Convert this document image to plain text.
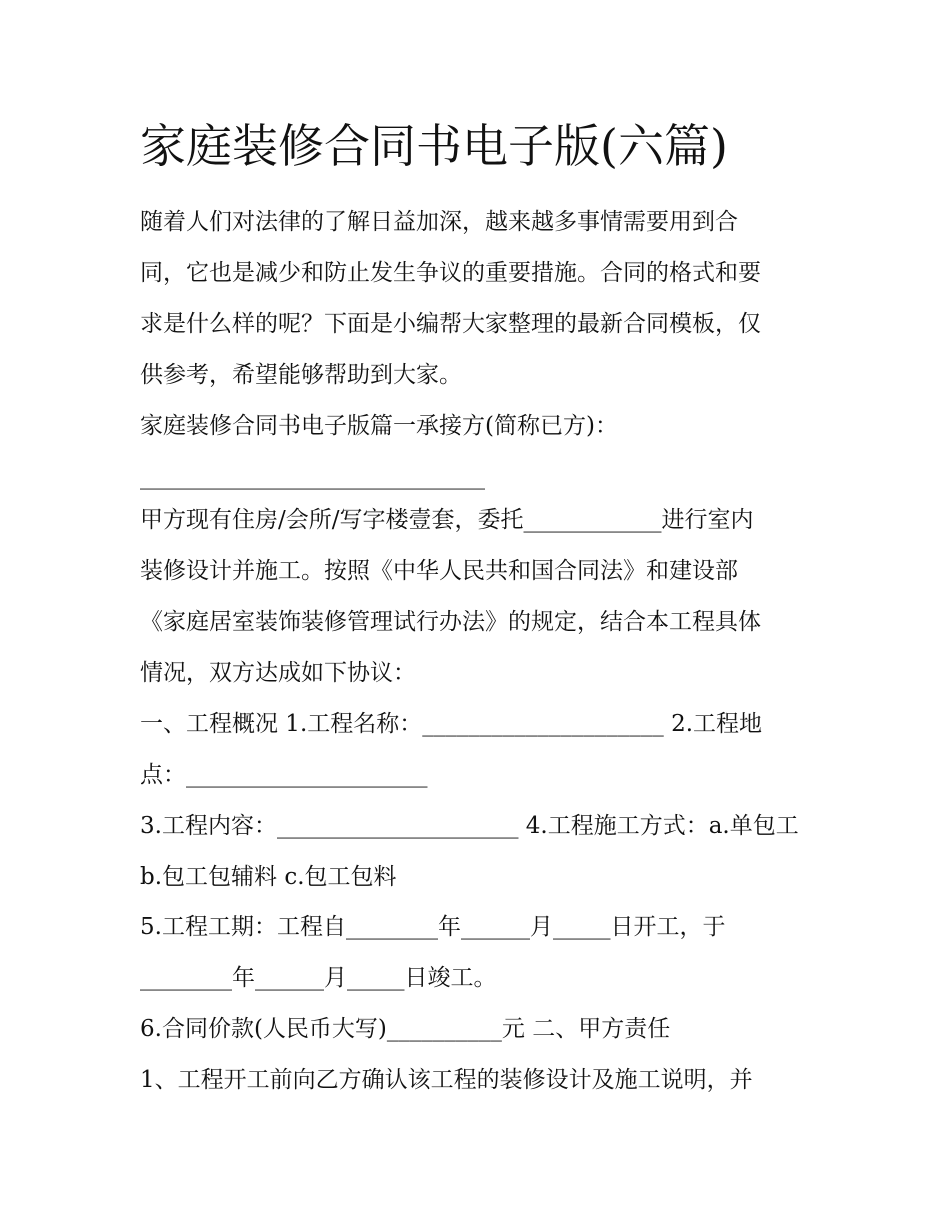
家庭装修合同书电子版(六篇)
随着人们对法律的了解日益加深，越来越多事情需要用到合
同，它也是减少和防止发生争议的重要措施。合同的格式和要
求是什么样的呢？下面是小编帮大家整理的最新合同模板，仅
供参考，希望能够帮助到大家。
家庭装修合同书电子版篇一承接方(简称已方)：
______________________________
甲方现有住房/会所/写字楼壹套，委托____________进行室内
装修设计并施工。按照《中华人民共和国合同法》和建设部
《家庭居室装饰装修管理试行办法》的规定，结合本工程具体
情况，双方达成如下协议：
一、工程概况 1.工程名称：_____________________ 2.工程地
点：_____________________
3.工程内容：_____________________ 4.工程施工方式：a.单包工
b.包工包辅料 c.包工包料
5.工程工期：工程自________年______月_____日开工，于
________年______月_____日竣工。
6.合同价款(人民币大写)__________元 二、甲方责任
1、工程开工前向乙方确认该工程的装修设计及施工说明，并
